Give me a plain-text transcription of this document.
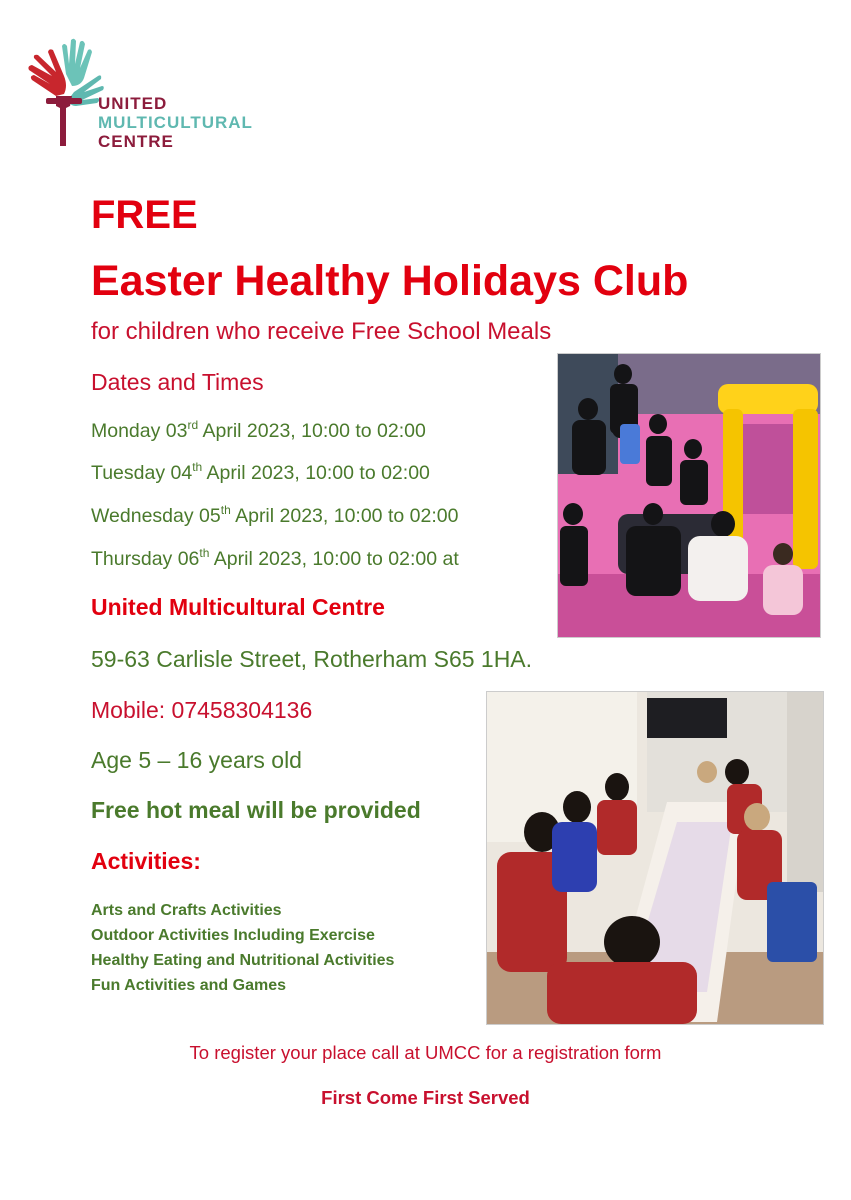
UNITED
MULTICULTURAL
CENTRE
FREE
Easter Healthy Holidays Club
for children who receive Free School Meals
Dates and Times
Monday 03rd April 2023, 10:00 to 02:00
Tuesday 04th April 2023, 10:00 to 02:00
Wednesday 05th April 2023, 10:00 to 02:00
Thursday 06th April 2023, 10:00 to 02:00 at
United Multicultural Centre
59-63 Carlisle Street, Rotherham S65 1HA.
Mobile: 07458304136
Age 5 – 16 years old
Free hot meal will be provided
Activities:
Arts and Crafts Activities
Outdoor Activities Including Exercise
Healthy Eating and Nutritional Activities
Fun Activities and Games
To register your place call at UMCC for a registration form
First Come First Served
